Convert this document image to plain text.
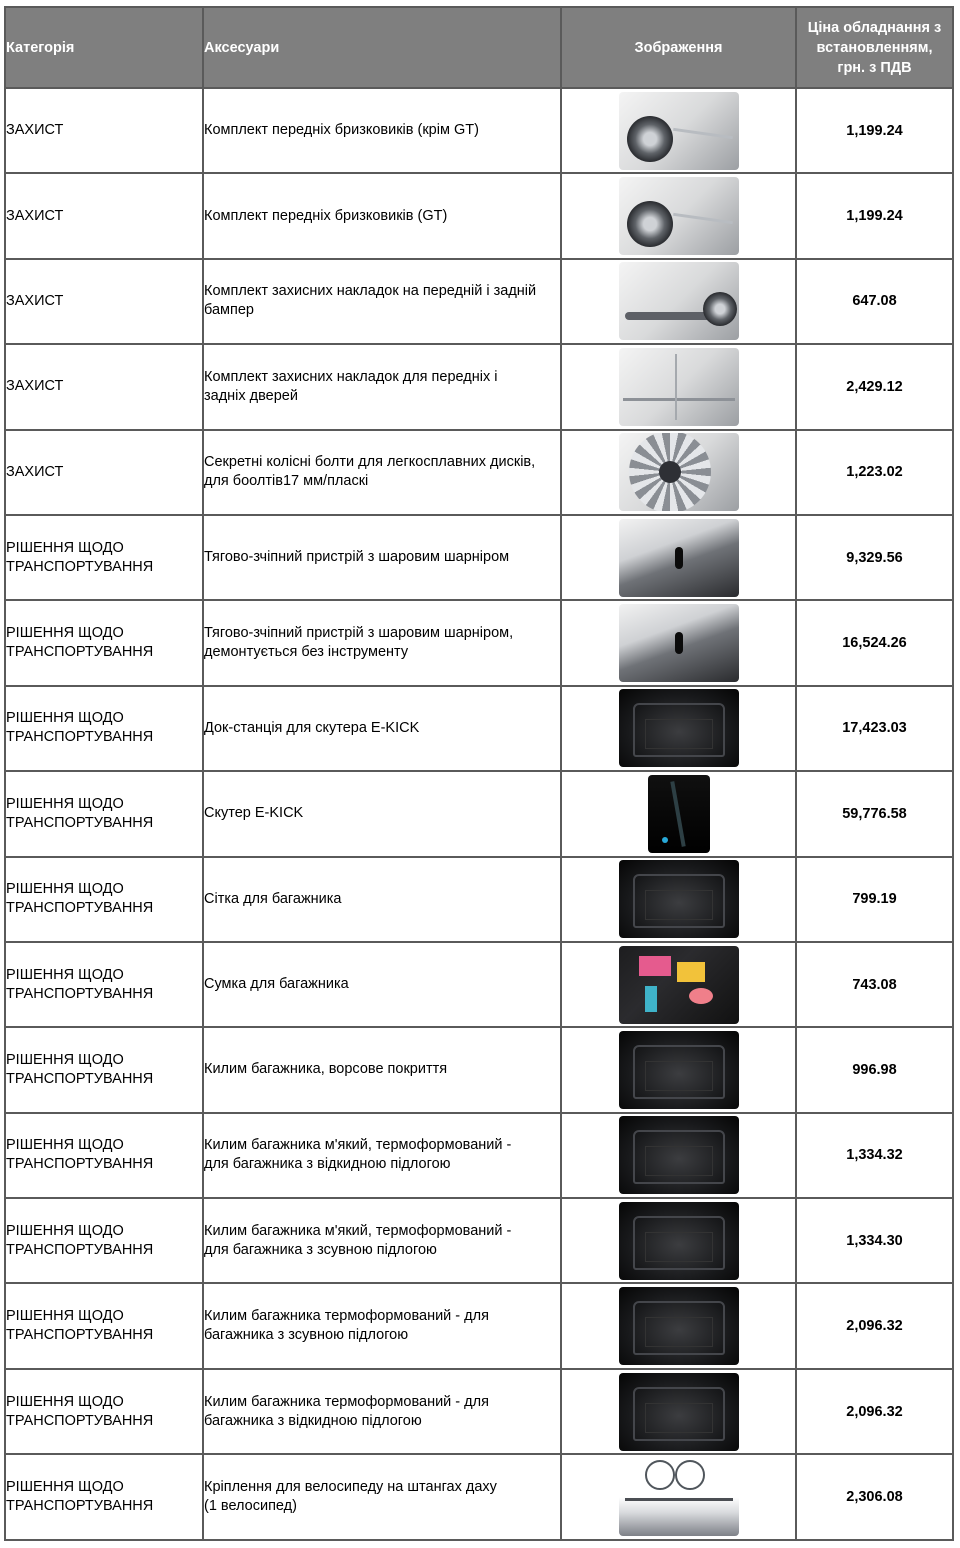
Категорія	Аксесуари	Зображення	Ціна обладнання з
встановленням,
грн. з ПДВ
ЗАХИСТ	Комплект передніх бризковиків (крім GT)		1,199.24
ЗАХИСТ	Комплект передніх бризковиків (GT)		1,199.24
ЗАХИСТ	Комплект захисних накладок на передній і задній
бампер		647.08
ЗАХИСТ	Комплект захисних накладок для передніх і
задніх дверей		2,429.12
ЗАХИСТ	Секретні колісні болти для легкосплавних дисків,
для боолтів17 мм/пласкі		1,223.02
РІШЕННЯ ЩОДО
ТРАНСПОРТУВАННЯ	Тягово-зчіпний пристрій з шаровим шарніром		9,329.56
РІШЕННЯ ЩОДО
ТРАНСПОРТУВАННЯ	Тягово-зчіпний пристрій з шаровим шарніром,
демонтується без інструменту		16,524.26
РІШЕННЯ ЩОДО
ТРАНСПОРТУВАННЯ	Док-станція для скутера E-KICK		17,423.03
РІШЕННЯ ЩОДО
ТРАНСПОРТУВАННЯ	Скутер E-KICK		59,776.58
РІШЕННЯ ЩОДО
ТРАНСПОРТУВАННЯ	Сітка для багажника		799.19
РІШЕННЯ ЩОДО
ТРАНСПОРТУВАННЯ	Сумка для багажника		743.08
РІШЕННЯ ЩОДО
ТРАНСПОРТУВАННЯ	Килим багажника, ворсове покриття		996.98
РІШЕННЯ ЩОДО
ТРАНСПОРТУВАННЯ	Килим багажника м'який, термоформований -
для багажника з відкидною підлогою		1,334.32
РІШЕННЯ ЩОДО
ТРАНСПОРТУВАННЯ	Килим багажника м'який, термоформований -
для багажника з зсувною підлогою		1,334.30
РІШЕННЯ ЩОДО
ТРАНСПОРТУВАННЯ	Килим багажника термоформований - для
багажника з зсувною підлогою		2,096.32
РІШЕННЯ ЩОДО
ТРАНСПОРТУВАННЯ	Килим багажника термоформований - для
багажника з відкидною підлогою		2,096.32
РІШЕННЯ ЩОДО
ТРАНСПОРТУВАННЯ	Кріплення для велосипеду на штангах даху
(1 велосипед)		2,306.08
